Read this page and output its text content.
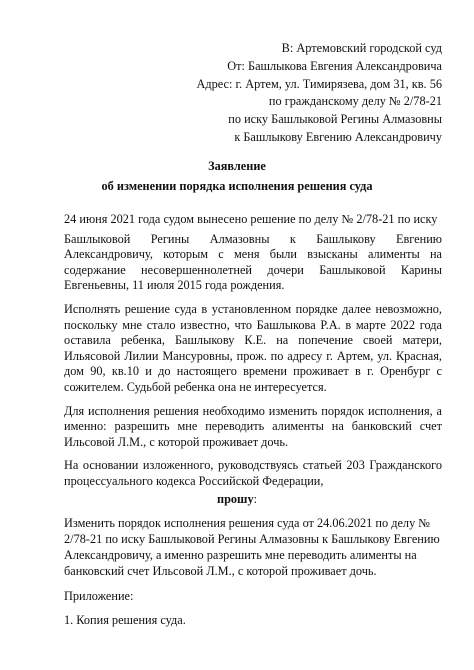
В: Артемовский городской суд
От: Башлыкова Евгения Александровича
Адрес: г. Артем, ул. Тимирязева, дом 31, кв. 56
по гражданскому делу № 2/78-21
по иску Башлыковой Регины Алмазовны
к Башлыкову Евгению Александровичу
Заявление
об изменении порядка исполнения решения суда

24 июня 2021 года судом вынесено решение по делу № 2/78-21 по иску

Башлыковой Регины Алмазовны к Башлыкову Евгению Александровичу, которым с меня были взысканы алименты на содержание несовершеннолетней дочери Башлыковой Карины Евгеньевны, 11 июля 2015 года рождения.

Исполнять решение суда в установленном порядке далее невозможно, поскольку мне стало известно, что Башлыкова Р.А. в марте 2022 года оставила ребенка, Башлыкову К.Е. на попечение своей матери, Ильясовой Лилии Мансуровны, прож. по адресу г. Артем, ул. Красная, дом 90, кв.10 и до настоящего времени проживает в г. Оренбург с сожителем. Судьбой ребенка она не интересуется.

Для исполнения решения необходимо изменить порядок исполнения, а именно: разрешить мне переводить алименты на банковский счет Ильсовой Л.М., с которой проживает дочь.

На основании изложенного, руководствуясь статьей 203 Гражданского процессуального кодекса Российской Федерации,

прошу:

Изменить порядок исполнения решения суда от 24.06.2021 по делу № 2/78-21 по иску Башлыковой Регины Алмазовны к Башлыкову Евгению Александровичу, а именно разрешить мне переводить алименты на банковский счет Ильсовой Л.М., с которой проживает дочь.

Приложение:

1. Копия решения суда.
